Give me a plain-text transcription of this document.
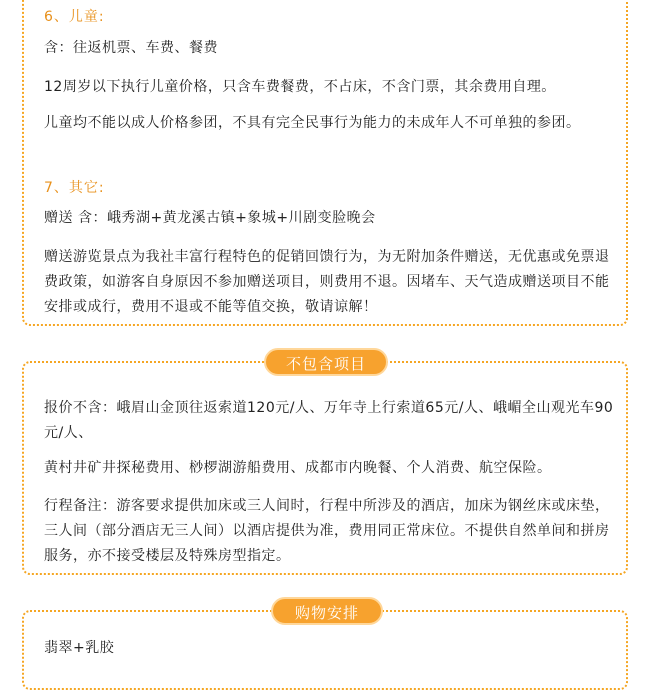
6、儿童:

含：往返机票、车费、餐费

12周岁以下执行儿童价格，只含车费餐费，不占床，不含门票，其余费用自理。

儿童均不能以成人价格参团，不具有完全民事行为能力的未成年人不可单独的参团。

7、其它:

赠送 含：峨秀湖+黄龙溪古镇+象城+川剧变脸晚会

赠送游览景点为我社丰富行程特色的促销回馈行为，为无附加条件赠送，无优惠或免票退费政策，如游客自身原因不参加赠送项目，则费用不退。因堵车、天气造成赠送项目不能安排或成行，费用不退或不能等值交换，敬请谅解！

不包含项目

报价不含：峨眉山金顶往返索道120元/人、万年寺上行索道65元/人、峨嵋全山观光车90元/人、

黄村井矿井探秘费用、桫椤湖游船费用、成都市内晚餐、个人消费、航空保险。

行程备注：游客要求提供加床或三人间时，行程中所涉及的酒店，加床为钢丝床或床垫，三人间（部分酒店无三人间）以酒店提供为准，费用同正常床位。不提供自然单间和拼房服务，亦不接受楼层及特殊房型指定。

购物安排

翡翠+乳胶
